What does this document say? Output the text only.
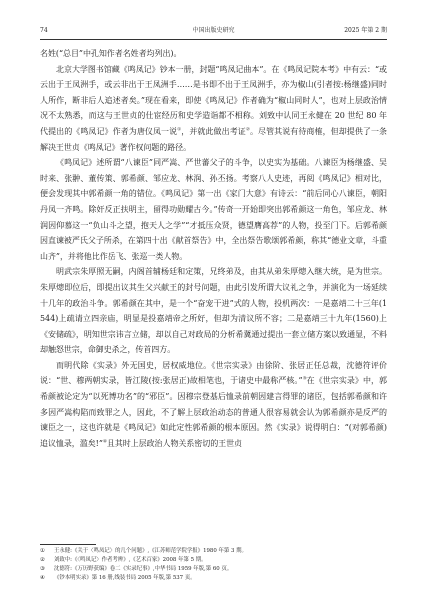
74	中国出版史研究	2025 年第 2 期

名姓(“总目”中孔知作者名姓者均列出)。

北京大学图书馆藏《鸣凤记》钞本一册，封题“鸣凤记曲本”。在《鸣凤记院本考》中有云：“或云出于王凤洲手，或云非出于王凤洲手……是书即不出于王凤洲手，亦为椒山(引者按:杨继盛)同时人所作，断非后人追述者矣。”现在看来，即使《鸣凤记》作者确为“椒山同时人”，也对上层政治情况不太熟悉，而这与王世贞的仕宦经历和史学造诣都不相称。刘致中认同王永健在 20 世纪 80 年代提出的《鸣凤记》作者为唐仪凤一说①，并就此做出考证②。尽管其说有待商榷，但却提供了一条解决王世贞《鸣凤记》著作权问题的路径。

《鸣凤记》述所谓“八谏臣”同严嵩、严世蕃父子的斗争，以史实为基础。八谏臣为杨继盛、吴时来、张翀、董传策、郭希颜、邹应龙、林润、孙丕扬。考察八人史迹，再阅《鸣凤记》相对比，便会发现其中郭希颜一角的错位。《鸣凤记》第一出《家门大意》有诗云：“前后同心八谏臣，朝阳丹凤一齐鸣。除奸反正扶明主，留得功勋耀古今。”传奇一开始即突出郭希颜这一角色，邹应龙、林润因仰慕这一“负山斗之望，抱天人之学”“才抵压众贤，德望膺高荐”的人物，投至门下。后郭希颜因直谏被严氏父子所杀，在第四十出《献首祭告》中，全出祭告歌颂郭希颜，称其“德业文章，斗重山齐”，并将他比作岳飞、张巡一类人物。

明武宗朱厚照无嗣，内阁首辅杨廷和定策，兄终弟及，由其从弟朱厚熜入继大统，是为世宗。朱厚熜即位后，即提出议其生父兴献王的封号问题，由此引发所谓大议礼之争，并演化为一场延续十几年的政治斗争。郭希颜在其中，是一个“奋宠干进”式的人物，投机两次：一是嘉靖二十三年(1544)上疏请立四亲庙，明显是投嘉靖帝之所好，但却为清议所不容；二是嘉靖三十九年(1560)上《安储疏》，明知世宗讳言立储，却以自己对政局的分析希冀通过提出一套立储方案以致通显，不料却触怒世宗，命御史杀之，传首四方。

而明代除《实录》外无国史，居权威地位。《世宗实录》由徐阶、张居正任总裁，沈德符评价说：“世、穆两朝实录，皆江陵(按:张居正)故相笔也，于诸史中最称严核。”③在《世宗实录》中，郭希颜被论定为“以死博功名”的“邪臣”。因穆宗登基后恤录前朝因建言得罪的诸臣，包括郭希颜和许多因严嵩构陷而致罪之人，因此，不了解上层政治动态的普通人很容易就会认为郭希颜亦是反严的谏臣之一，这也许就是《鸣凤记》如此定性郭希颜的根本原因。然《实录》说得明白：“(对郭希颜)追议恤录，滥矣!”④且其时上层政治人物关系密切的王世贞

①	王永健:《关于〈鸣凤记〉的几个问题》,《江苏师范学院学报》1980 年第 3 期。
②	刘致中:《〈鸣凤记〉作者考辨》,《艺术百家》2008 年第 5 期。
③	沈德符:《万历野获编》卷二《实录纪事》,中华书局 1959 年版,第 60 页。
④	《钞本明实录》第 16 册,线装书局 2005 年版,第 537 页。
